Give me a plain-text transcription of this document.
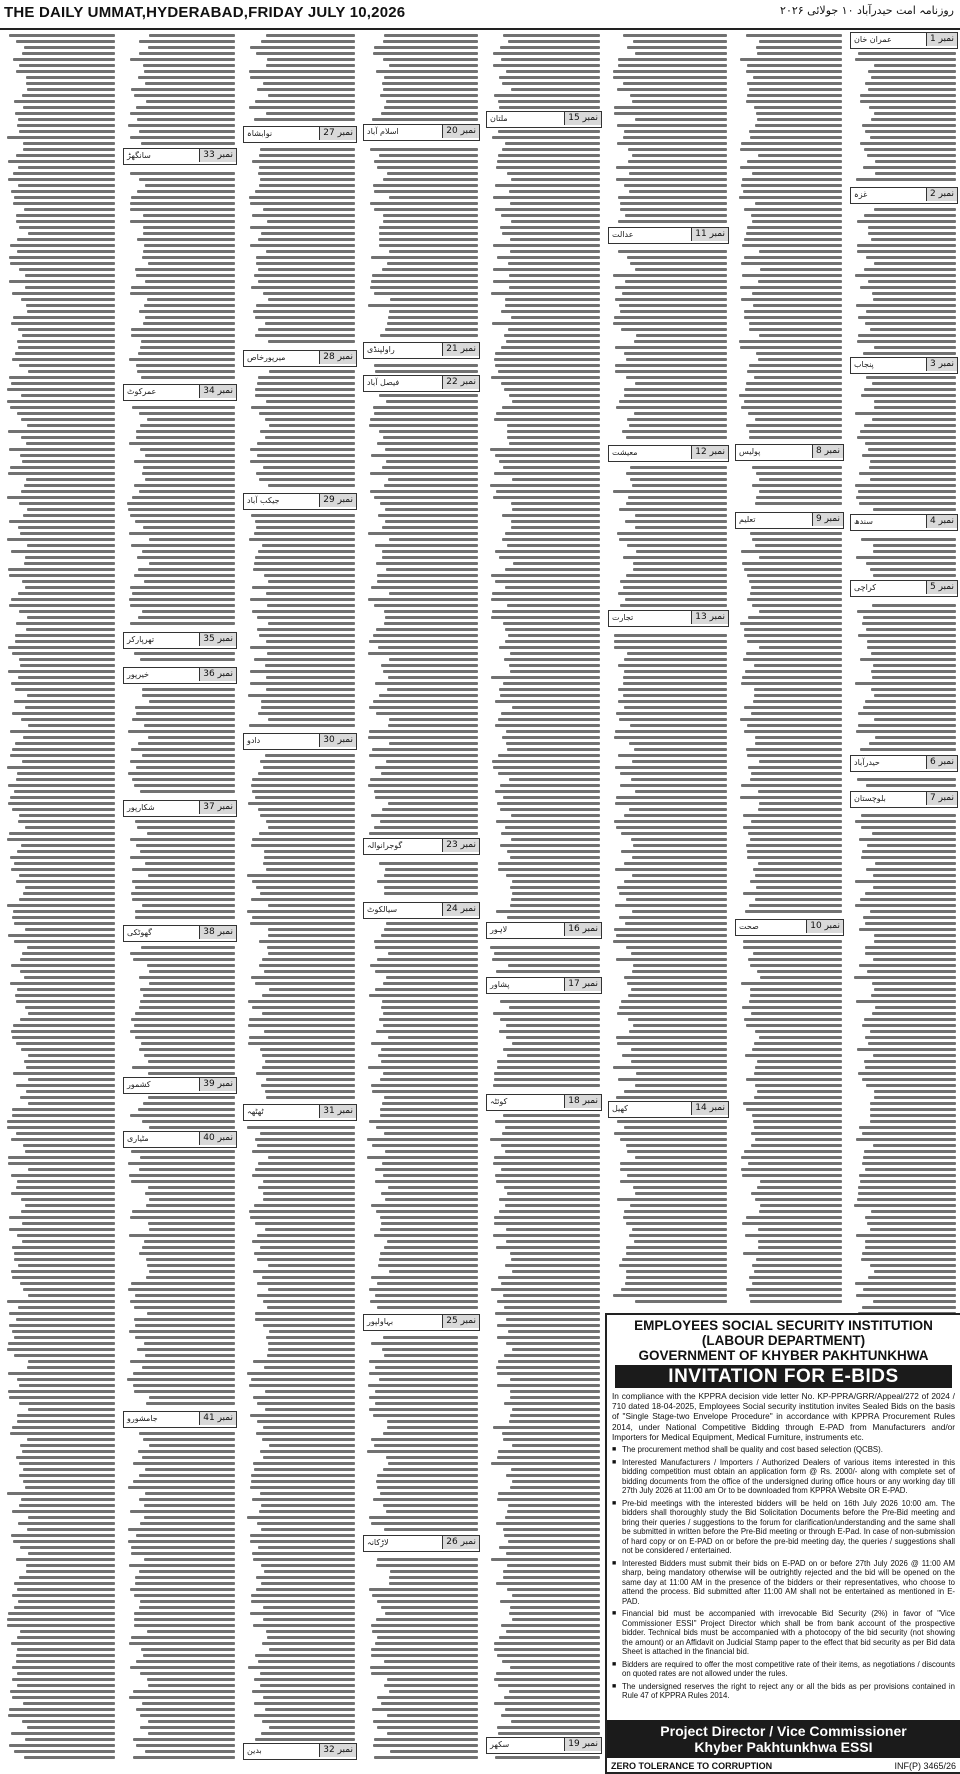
THE DAILY UMMAT,HYDERABAD,FRIDAY JULY 10,2026	روزنامہ امت حیدرآباد ۱۰ جولائی ۲۰۲۶
نمبر 1
عمران خان
نمبر 2
غزہ
نمبر 3
پنجاب
نمبر 4
سندھ
نمبر 5
کراچی
نمبر 6
حیدرآباد
نمبر 7
بلوچستان
نمبر 8
پولیس
نمبر 9
تعلیم
نمبر 10
صحت
نمبر 11
عدالت
نمبر 12
معیشت
نمبر 13
تجارت
نمبر 14
کھیل
نمبر 15
ملتان
نمبر 16
لاہور
نمبر 17
پشاور
نمبر 18
کوئٹہ
نمبر 19
سکھر
نمبر 20
اسلام آباد
نمبر 21
راولپنڈی
نمبر 22
فیصل آباد
نمبر 23
گوجرانوالہ
نمبر 24
سیالکوٹ
نمبر 25
بہاولپور
نمبر 26
لاڑکانہ
نمبر 27
نوابشاہ
نمبر 28
میرپورخاص
نمبر 29
جیکب آباد
نمبر 30
دادو
نمبر 31
ٹھٹھہ
نمبر 32
بدین
نمبر 33
سانگھڑ
نمبر 34
عمرکوٹ
نمبر 35
تھرپارکر
نمبر 36
خیرپور
نمبر 37
شکارپور
نمبر 38
گھوٹکی
نمبر 39
کشمور
نمبر 40
مٹیاری
نمبر 41
جامشورو
EMPLOYEES SOCIAL SECURITY INSTITUTION
(LABOUR DEPARTMENT)
GOVERNMENT OF KHYBER PAKHTUNKHWA
INVITATION FOR E-BIDS
In compliance with the KPPRA decision vide letter No. KP-PPRA/GRR/Appeal/272 of 2024 / 710 dated 18-04-2025, Employees Social security institution invites Sealed Bids on the basis of "Single Stage-two Envelope Procedure" in accordance with KPPRA Procurement Rules 2014, under National Competitive Bidding through E-PAD from Manufacturers and/or Importers for Medical Equipment, Medical Furniture, instruments etc.
■ The procurement method shall be quality and cost based selection (QCBS).
■ Interested Manufacturers / Importers / Authorized Dealers of various items interested in this bidding competition must obtain an application form @ Rs. 2000/- along with complete set of bidding documents from the office of the undersigned during office hours or any working day till 27th July 2026 at 11:00 am Or to be downloaded from KPPRA Website OR E-PAD.
■ Pre-bid meetings with the interested bidders will be held on 16th July 2026 10:00 am. The bidders shall thoroughly study the Bid Solicitation Documents before the Pre-Bid meeting and bring their queries / suggestions to the forum for clarification/understanding and the same shall be submitted in written before the Pre-Bid meeting or through E-Pad. In case of non-submission of hard copy or on E-PAD on or before the pre-bid meeting day, the queries / suggestions shall not be considered / entertained.
■ Interested Bidders must submit their bids on E-PAD on or before 27th July 2026 @ 11:00 AM sharp, being mandatory otherwise will be outrightly rejected and the bid will be opened on the same day at 11:00 AM in the presence of the bidders or their representatives, who choose to attend the process. Bid submitted after 11:00 AM shall not be entertained as mentioned in E-PAD.
■ Financial bid must be accompanied with irrevocable Bid Security (2%) in favor of "Vice Commissioner ESSI" Project Director which shall be from bank account of the prospective bidder. Technical bids must be accompanied with a photocopy of the bid security (not showing the amount) or an Affidavit on Judicial Stamp paper to the effect that bid security as per Bid data Sheet is attached in the financial bid.
■ Bidders are required to offer the most competitive rate of their items, as negotiations / discounts on quoted rates are not allowed under the rules.
■ The undersigned reserves the right to reject any or all the bids as per provisions contained in Rule 47 of KPPRA Rules 2014.
Project Director / Vice Commissioner
Khyber Pakhtunkhwa ESSI
ZERO TOLERANCE TO CORRUPTION	INF(P) 3465/26
